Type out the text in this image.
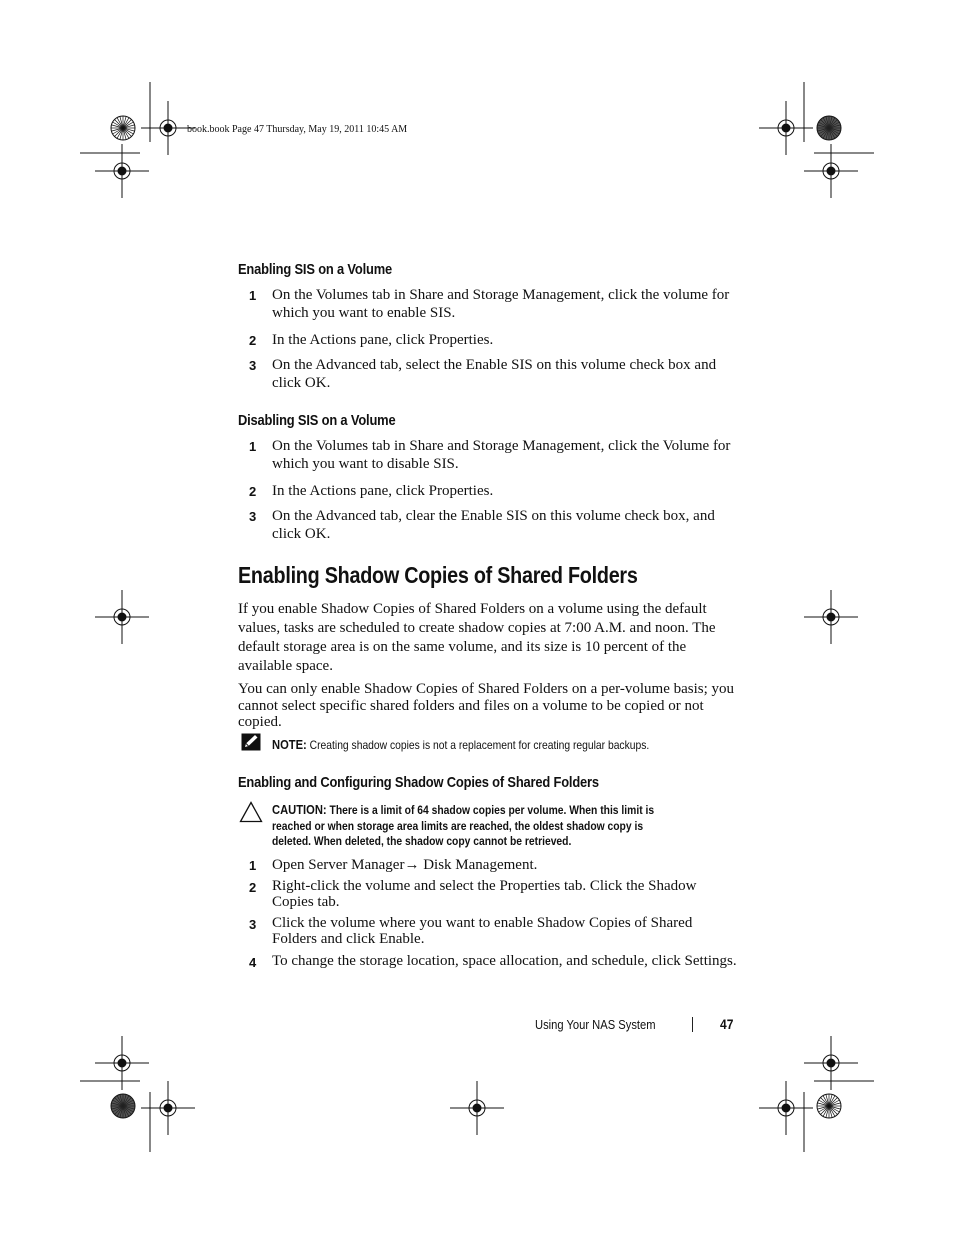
book.book Page 47 Thursday, May 19, 2011 10:45 AM
Enabling SIS on a Volume
1 On the Volumes tab in Share and Storage Management, click the volume for which you want to enable SIS.
2 In the Actions pane, click Properties.
3 On the Advanced tab, select the Enable SIS on this volume check box and click OK.
Disabling SIS on a Volume
1 On the Volumes tab in Share and Storage Management, click the Volume for which you want to disable SIS.
2 In the Actions pane, click Properties.
3 On the Advanced tab, clear the Enable SIS on this volume check box, and click OK.
Enabling Shadow Copies of Shared Folders
If you enable Shadow Copies of Shared Folders on a volume using the default values, tasks are scheduled to create shadow copies at 7:00 A.M. and noon. The default storage area is on the same volume, and its size is 10 percent of the available space.
You can only enable Shadow Copies of Shared Folders on a per-volume basis; you cannot select specific shared folders and files on a volume to be copied or not copied.
NOTE: Creating shadow copies is not a replacement for creating regular backups.
Enabling and Configuring Shadow Copies of Shared Folders
CAUTION: There is a limit of 64 shadow copies per volume. When this limit is reached or when storage area limits are reached, the oldest shadow copy is deleted. When deleted, the shadow copy cannot be retrieved.
1 Open Server Manager→ Disk Management.
2 Right-click the volume and select the Properties tab. Click the Shadow Copies tab.
3 Click the volume where you want to enable Shadow Copies of Shared Folders and click Enable.
4 To change the storage location, space allocation, and schedule, click Settings.
Using Your NAS System	47
